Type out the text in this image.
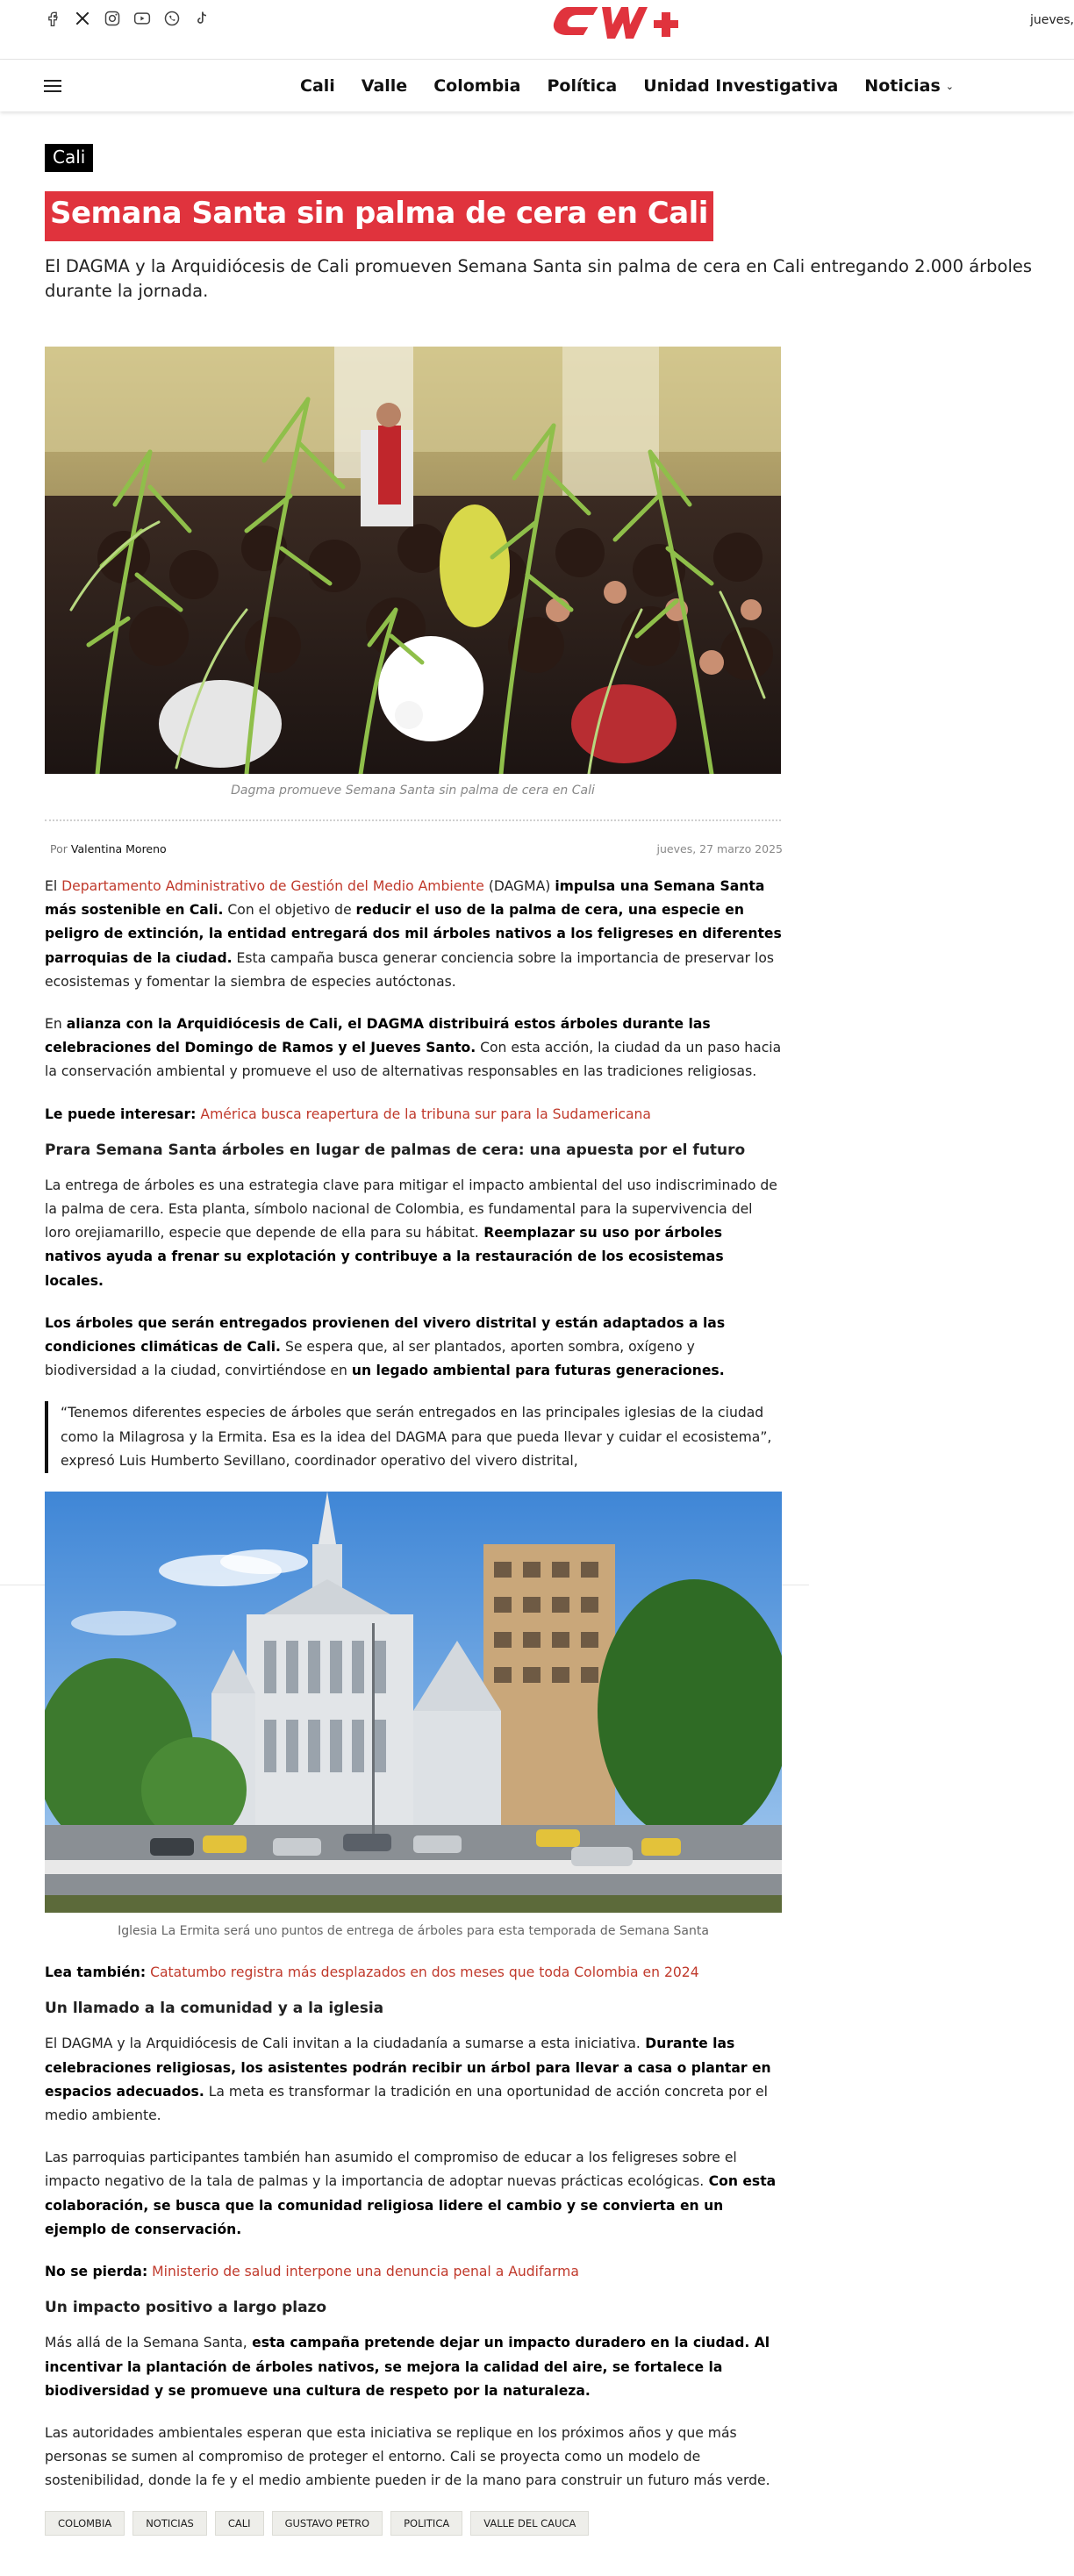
jueves,
Cali Valle Colombia Política Unidad Investigativa Noticias ⌄
Cali
Semana Santa sin palma de cera en Cali
El DAGMA y la Arquidiócesis de Cali promueven Semana Santa sin palma de cera en Cali entregando 2.000 árboles durante la jornada.
Dagma promueve Semana Santa sin palma de cera en Cali
Por Valentina Moreno	jueves, 27 marzo 2025

El Departamento Administrativo de Gestión del Medio Ambiente (DAGMA) impulsa una Semana Santa más sostenible en Cali. Con el objetivo de reducir el uso de la palma de cera, una especie en peligro de extinción, la entidad entregará dos mil árboles nativos a los feligreses en diferentes parroquias de la ciudad. Esta campaña busca generar conciencia sobre la importancia de preservar los ecosistemas y fomentar la siembra de especies autóctonas.

En alianza con la Arquidiócesis de Cali, el DAGMA distribuirá estos árboles durante las celebraciones del Domingo de Ramos y el Jueves Santo. Con esta acción, la ciudad da un paso hacia la conservación ambiental y promueve el uso de alternativas responsables en las tradiciones religiosas.

Le puede interesar: América busca reapertura de la tribuna sur para la Sudamericana

Prara Semana Santa árboles en lugar de palmas de cera: una apuesta por el futuro

La entrega de árboles es una estrategia clave para mitigar el impacto ambiental del uso indiscriminado de la palma de cera. Esta planta, símbolo nacional de Colombia, es fundamental para la supervivencia del loro orejiamarillo, especie que depende de ella para su hábitat. Reemplazar su uso por árboles nativos ayuda a frenar su explotación y contribuye a la restauración de los ecosistemas locales.

Los árboles que serán entregados provienen del vivero distrital y están adaptados a las condiciones climáticas de Cali. Se espera que, al ser plantados, aporten sombra, oxígeno y biodiversidad a la ciudad, convirtiéndose en un legado ambiental para futuras generaciones.

“Tenemos diferentes especies de árboles que serán entregados en las principales iglesias de la ciudad como la Milagrosa y la Ermita. Esa es la idea del DAGMA para que pueda llevar y cuidar el ecosistema”, expresó Luis Humberto Sevillano, coordinador operativo del vivero distrital,

Iglesia La Ermita será uno puntos de entrega de árboles para esta temporada de Semana Santa

Lea también: Catatumbo registra más desplazados en dos meses que toda Colombia en 2024

Un llamado a la comunidad y a la iglesia

El DAGMA y la Arquidiócesis de Cali invitan a la ciudadanía a sumarse a esta iniciativa. Durante las celebraciones religiosas, los asistentes podrán recibir un árbol para llevar a casa o plantar en espacios adecuados. La meta es transformar la tradición en una oportunidad de acción concreta por el medio ambiente.

Las parroquias participantes también han asumido el compromiso de educar a los feligreses sobre el impacto negativo de la tala de palmas y la importancia de adoptar nuevas prácticas ecológicas. Con esta colaboración, se busca que la comunidad religiosa lidere el cambio y se convierta en un ejemplo de conservación.

No se pierda: Ministerio de salud interpone una denuncia penal a Audifarma

Un impacto positivo a largo plazo

Más allá de la Semana Santa, esta campaña pretende dejar un impacto duradero en la ciudad. Al incentivar la plantación de árboles nativos, se mejora la calidad del aire, se fortalece la biodiversidad y se promueve una cultura de respeto por la naturaleza.

Las autoridades ambientales esperan que esta iniciativa se replique en los próximos años y que más personas se sumen al compromiso de proteger el entorno. Cali se proyecta como un modelo de sostenibilidad, donde la fe y el medio ambiente pueden ir de la mano para construir un futuro más verde.

COLOMBIA	NOTICIAS	CALI	GUSTAVO PETRO	POLITICA	VALLE DEL CAUCA
